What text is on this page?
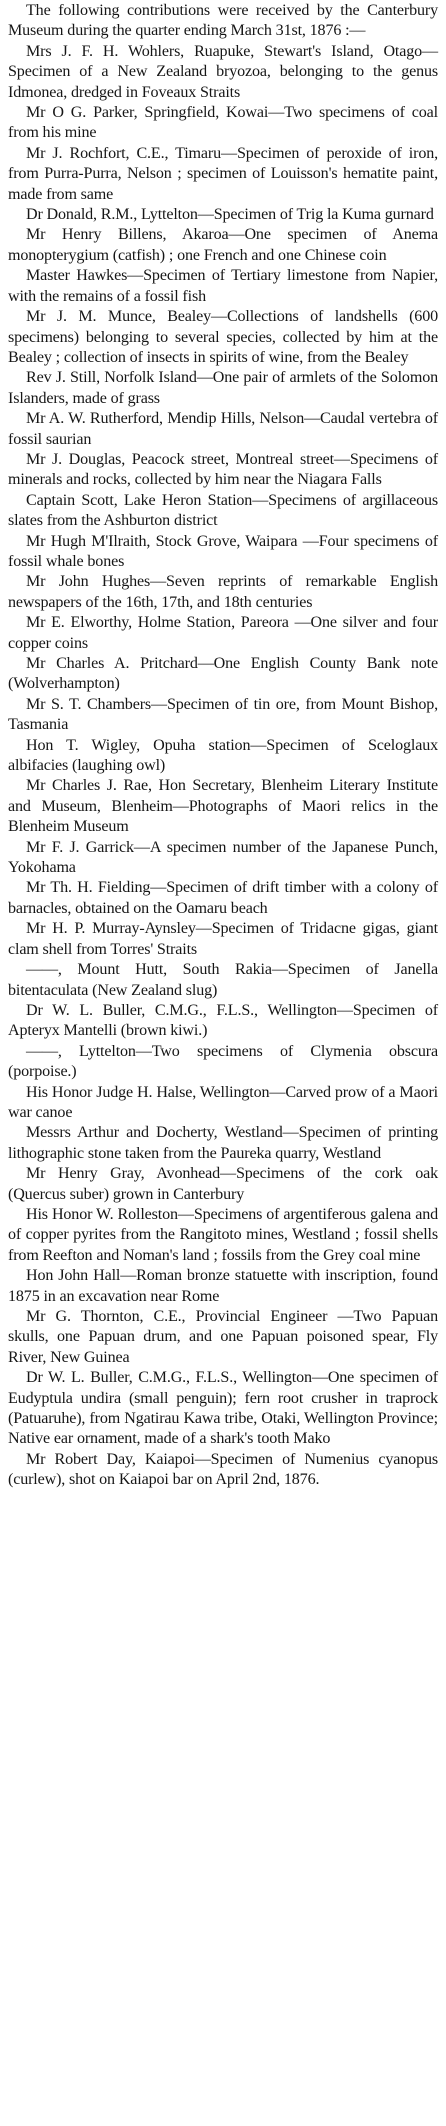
The following contributions were received by the Canterbury Museum during the quarter ending March 31st, 1876 :—

Mrs J. F. H. Wohlers, Ruapuke, Stewart's Island, Otago—Specimen of a New Zealand bryozoa, belonging to the genus Idmonea, dredged in Foveaux Straits

Mr O G. Parker, Springfield, Kowai—Two specimens of coal from his mine

Mr J. Rochfort, C.E., Timaru—Specimen of peroxide of iron, from Purra-Purra, Nelson ; specimen of Louisson's hematite paint, made from same

Dr Donald, R.M., Lyttelton—Specimen of Trig la Kuma gurnard

Mr Henry Billens, Akaroa—One specimen of Anema monopterygium (catfish) ; one French and one Chinese coin

Master Hawkes—Specimen of Tertiary limestone from Napier, with the remains of a fossil fish

Mr J. M. Munce, Bealey—Collections of landshells (600 specimens) belonging to several species, collected by him at the Bealey ; collection of insects in spirits of wine, from the Bealey

Rev J. Still, Norfolk Island—One pair of armlets of the Solomon Islanders, made of grass

Mr A. W. Rutherford, Mendip Hills, Nelson—Caudal vertebra of fossil saurian

Mr J. Douglas, Peacock street, Montreal street—Specimens of minerals and rocks, collected by him near the Niagara Falls

Captain Scott, Lake Heron Station—Specimens of argillaceous slates from the Ashburton district

Mr Hugh M'Ilraith, Stock Grove, Waipara —Four specimens of fossil whale bones

Mr John Hughes—Seven reprints of remarkable English newspapers of the 16th, 17th, and 18th centuries

Mr E. Elworthy, Holme Station, Pareora —One silver and four copper coins

Mr Charles A. Pritchard—One English County Bank note (Wolverhampton)

Mr S. T. Chambers—Specimen of tin ore, from Mount Bishop, Tasmania

Hon T. Wigley, Opuha station—Specimen of Sceloglaux albifacies (laughing owl)

Mr Charles J. Rae, Hon Secretary, Blenheim Literary Institute and Museum, Blenheim—Photographs of Maori relics in the Blenheim Museum

Mr F. J. Garrick—A specimen number of the Japanese Punch, Yokohama

Mr Th. H. Fielding—Specimen of drift timber with a colony of barnacles, obtained on the Oamaru beach

Mr H. P. Murray-Aynsley—Specimen of Tridacne gigas, giant clam shell from Torres' Straits

——, Mount Hutt, South Rakia—Specimen of Janella bitentaculata (New Zealand slug)

Dr W. L. Buller, C.M.G., F.L.S., Wellington—Specimen of Apteryx Mantelli (brown kiwi.)

——, Lyttelton—Two specimens of Clymenia obscura (porpoise.)

His Honor Judge H. Halse, Wellington—Carved prow of a Maori war canoe

Messrs Arthur and Docherty, Westland—Specimen of printing lithographic stone taken from the Paureka quarry, Westland

Mr Henry Gray, Avonhead—Specimens of the cork oak (Quercus suber) grown in Canterbury

His Honor W. Rolleston—Specimens of argentiferous galena and of copper pyrites from the Rangitoto mines, Westland ; fossil shells from Reefton and Noman's land ; fossils from the Grey coal mine

Hon John Hall—Roman bronze statuette with inscription, found 1875 in an excavation near Rome

Mr G. Thornton, C.E., Provincial Engineer —Two Papuan skulls, one Papuan drum, and one Papuan poisoned spear, Fly River, New Guinea

Dr W. L. Buller, C.M.G., F.L.S., Wellington—One specimen of Eudyptula undira (small penguin); fern root crusher in traprock (Patuaruhe), from Ngatirau Kawa tribe, Otaki, Wellington Province; Native ear ornament, made of a shark's tooth Mako

Mr Robert Day, Kaiapoi—Specimen of Numenius cyanopus (curlew), shot on Kaiapoi bar on April 2nd, 1876.
